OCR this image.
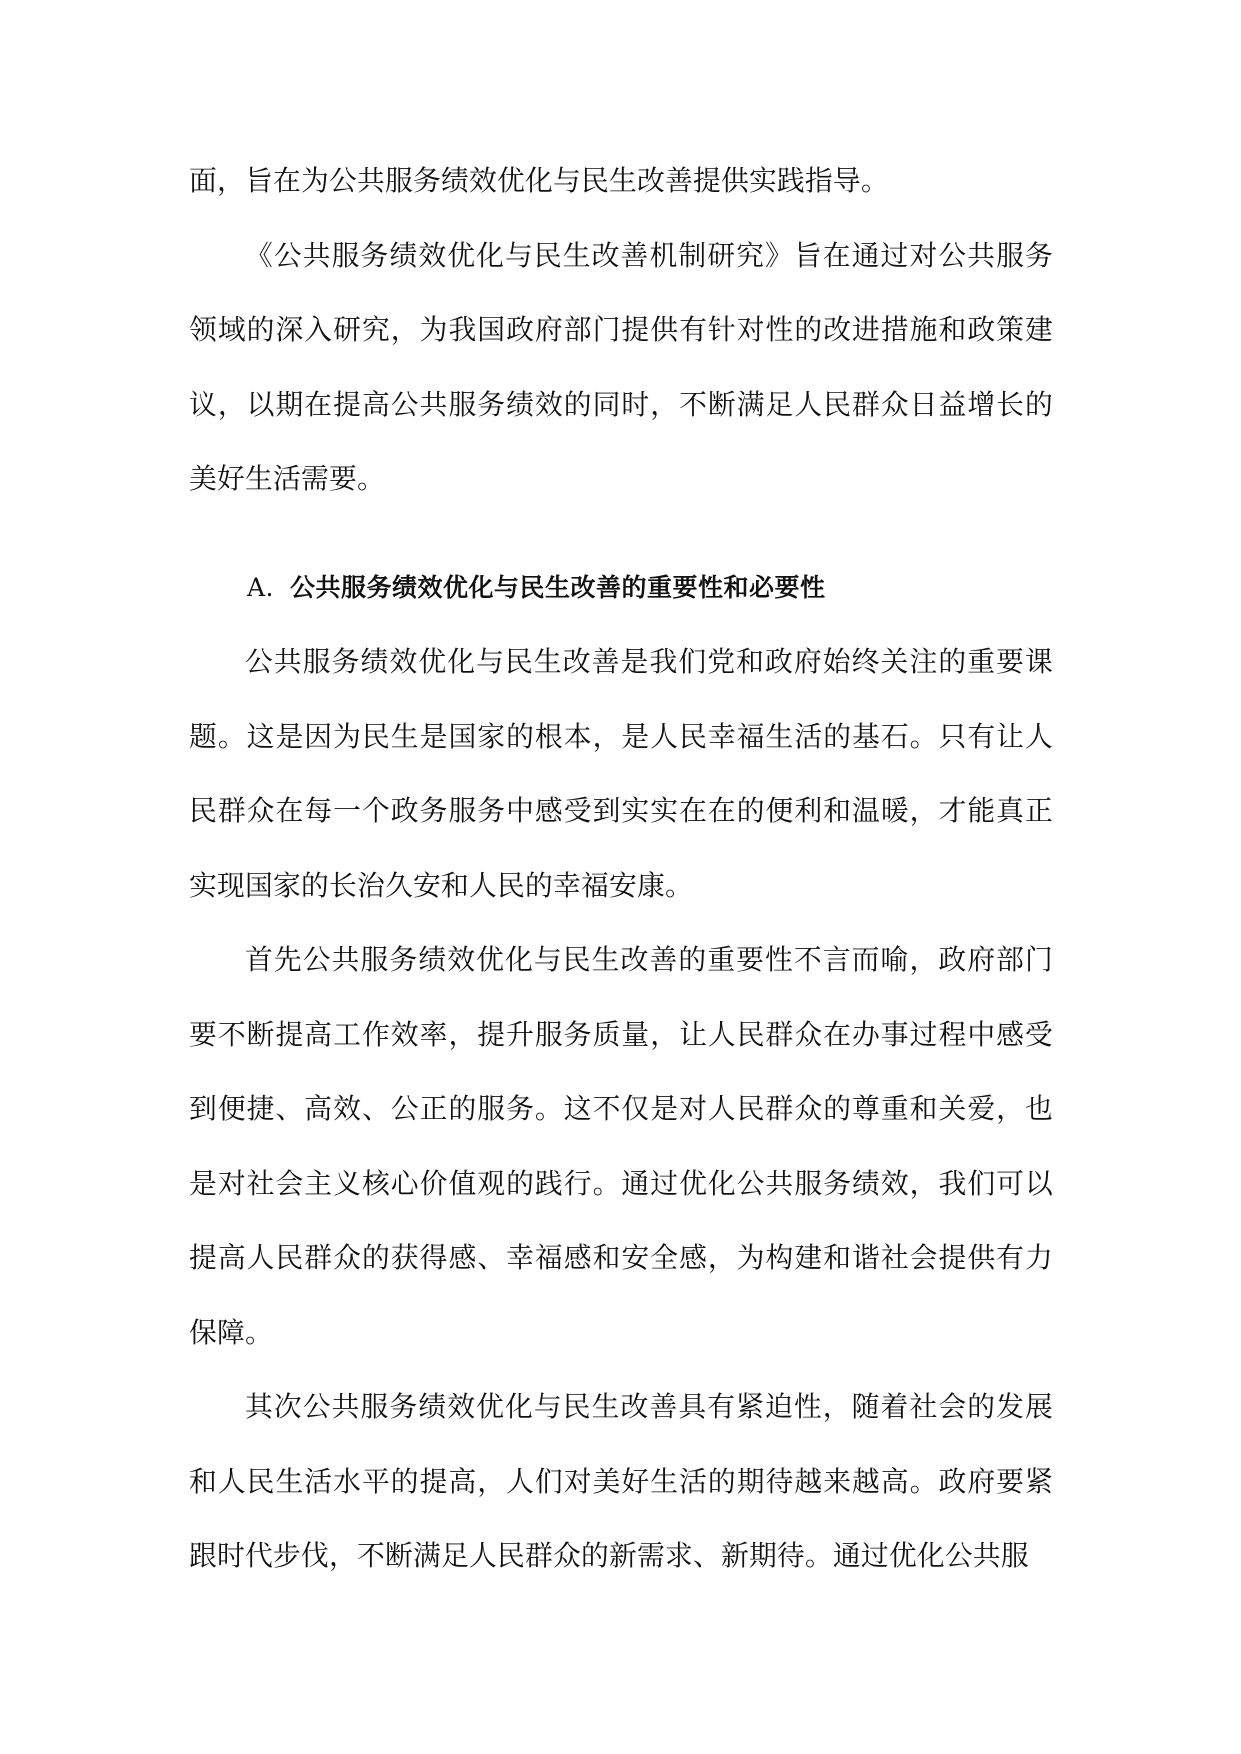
面，旨在为公共服务绩效优化与民生改善提供实践指导。

《公共服务绩效优化与民生改善机制研究》旨在通过对公共服务领域的深入研究，为我国政府部门提供有针对性的改进措施和政策建议，以期在提高公共服务绩效的同时，不断满足人民群众日益增长的美好生活需要。

A. 公共服务绩效优化与民生改善的重要性和必要性

公共服务绩效优化与民生改善是我们党和政府始终关注的重要课题。这是因为民生是国家的根本，是人民幸福生活的基石。只有让人民群众在每一个政务服务中感受到实实在在的便利和温暖，才能真正实现国家的长治久安和人民的幸福安康。

首先公共服务绩效优化与民生改善的重要性不言而喻，政府部门要不断提高工作效率，提升服务质量，让人民群众在办事过程中感受到便捷、高效、公正的服务。这不仅是对人民群众的尊重和关爱，也是对社会主义核心价值观的践行。通过优化公共服务绩效，我们可以提高人民群众的获得感、幸福感和安全感，为构建和谐社会提供有力保障。

其次公共服务绩效优化与民生改善具有紧迫性，随着社会的发展和人民生活水平的提高，人们对美好生活的期待越来越高。政府要紧跟时代步伐，不断满足人民群众的新需求、新期待。通过优化公共服
